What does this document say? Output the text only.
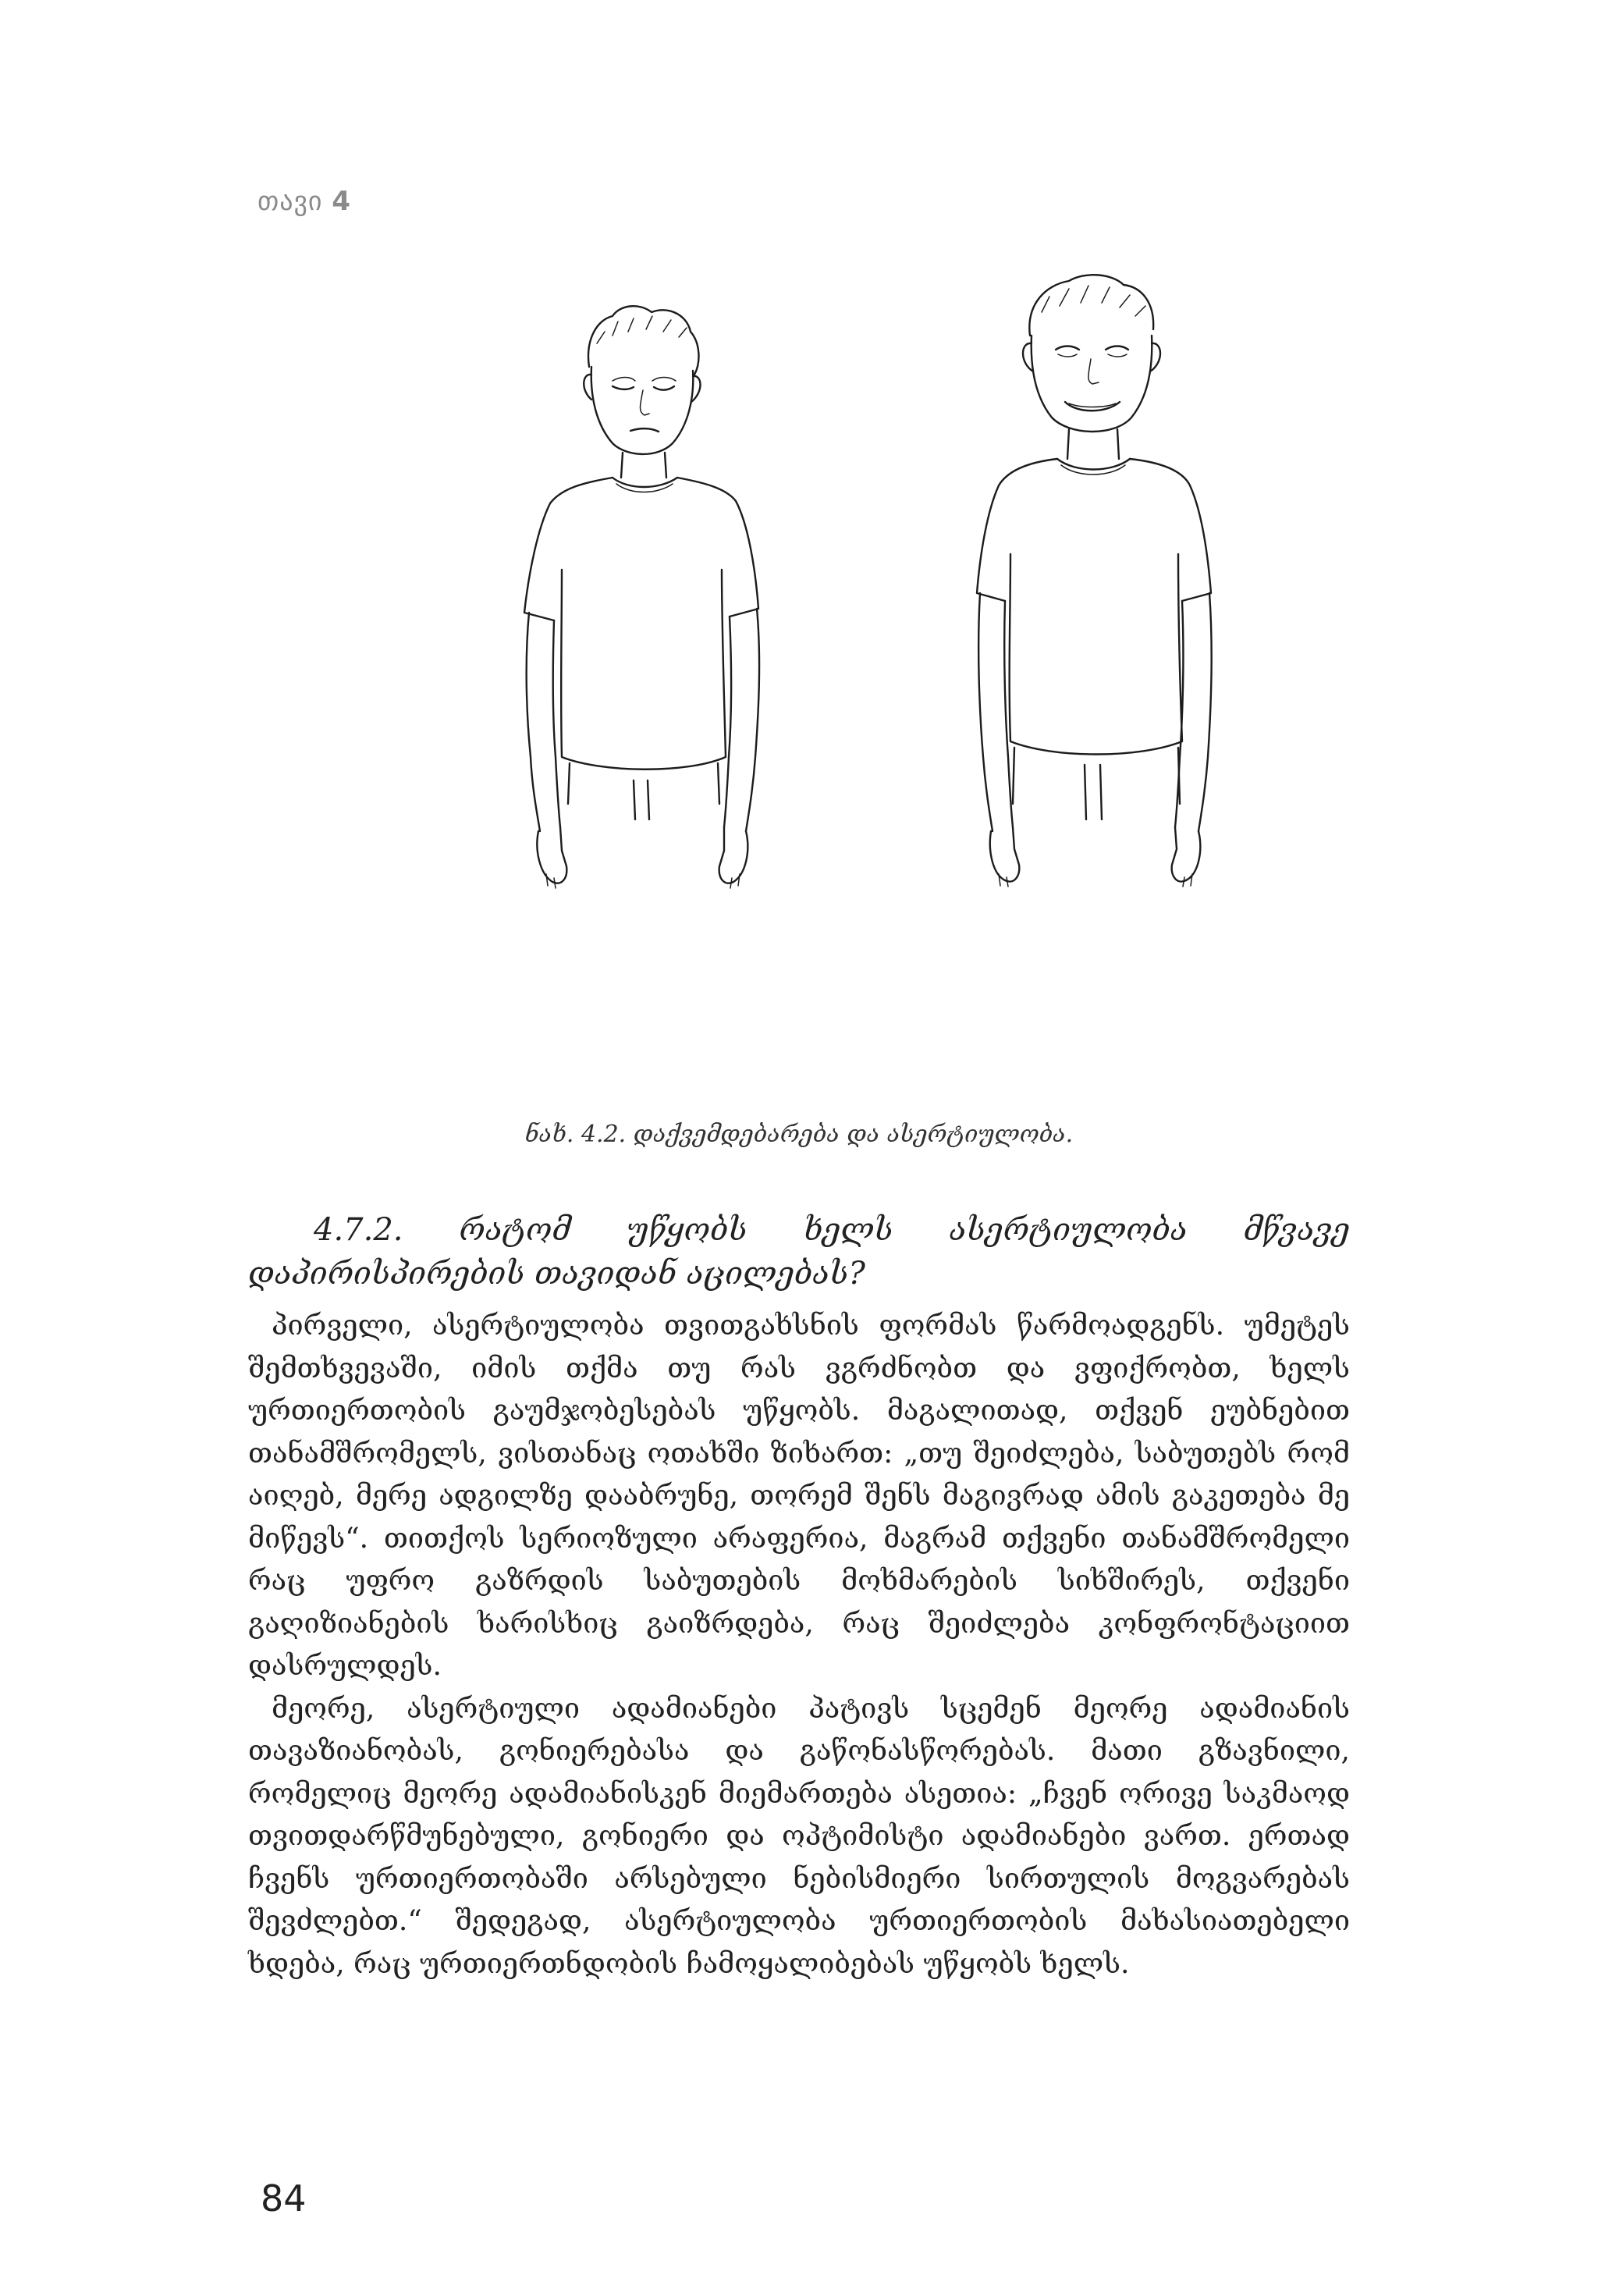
თავი 4
ნახ. 4.2. დაქვემდებარება და ასერტიულობა.
4.7.2. რატომ უწყობს ხელს ასერტიულობა მწვავე დაპირისპირების თავიდან აცილებას?

პირველი, ასერტიულობა თვითგახსნის ფორმას წარმოადგენს. უმეტეს შემთხვევაში, იმის თქმა თუ რას ვგრძნობთ და ვფიქრობთ, ხელს ურთიერთობის გაუმჯობესებას უწყობს. მაგალითად, თქვენ ეუბნებით თანამშრომელს, ვისთანაც ოთახში ზიხართ: „თუ შეიძლება, საბუთებს რომ აიღებ, მერე ადგილზე დააბრუნე, თორემ შენს მაგივრად ამის გაკეთება მე მიწევს“. თითქოს სერიოზული არაფერია, მაგრამ თქვენი თანამშრომელი რაც უფრო გაზრდის საბუთების მოხმარების სიხშირეს, თქვენი გაღიზიანების ხარისხიც გაიზრდება, რაც შეიძლება კონფრონტაციით დასრულდეს.

მეორე, ასერტიული ადამიანები პატივს სცემენ მეორე ადამიანის თავაზიანობას, გონიერებასა და გაწონასწორებას. მათი გზავნილი, რომელიც მეორე ადამიანისკენ მიემართება ასეთია: „ჩვენ ორივე საკმაოდ თვითდარწმუნებული, გონიერი და ოპტიმისტი ადამიანები ვართ. ერთად ჩვენს ურთიერთობაში არსებული ნებისმიერი სირთულის მოგვარებას შევძლებთ.“ შედეგად, ასერტიულობა ურთიერთობის მახასიათებელი ხდება, რაც ურთიერთნდობის ჩამოყალიბებას უწყობს ხელს.

84
